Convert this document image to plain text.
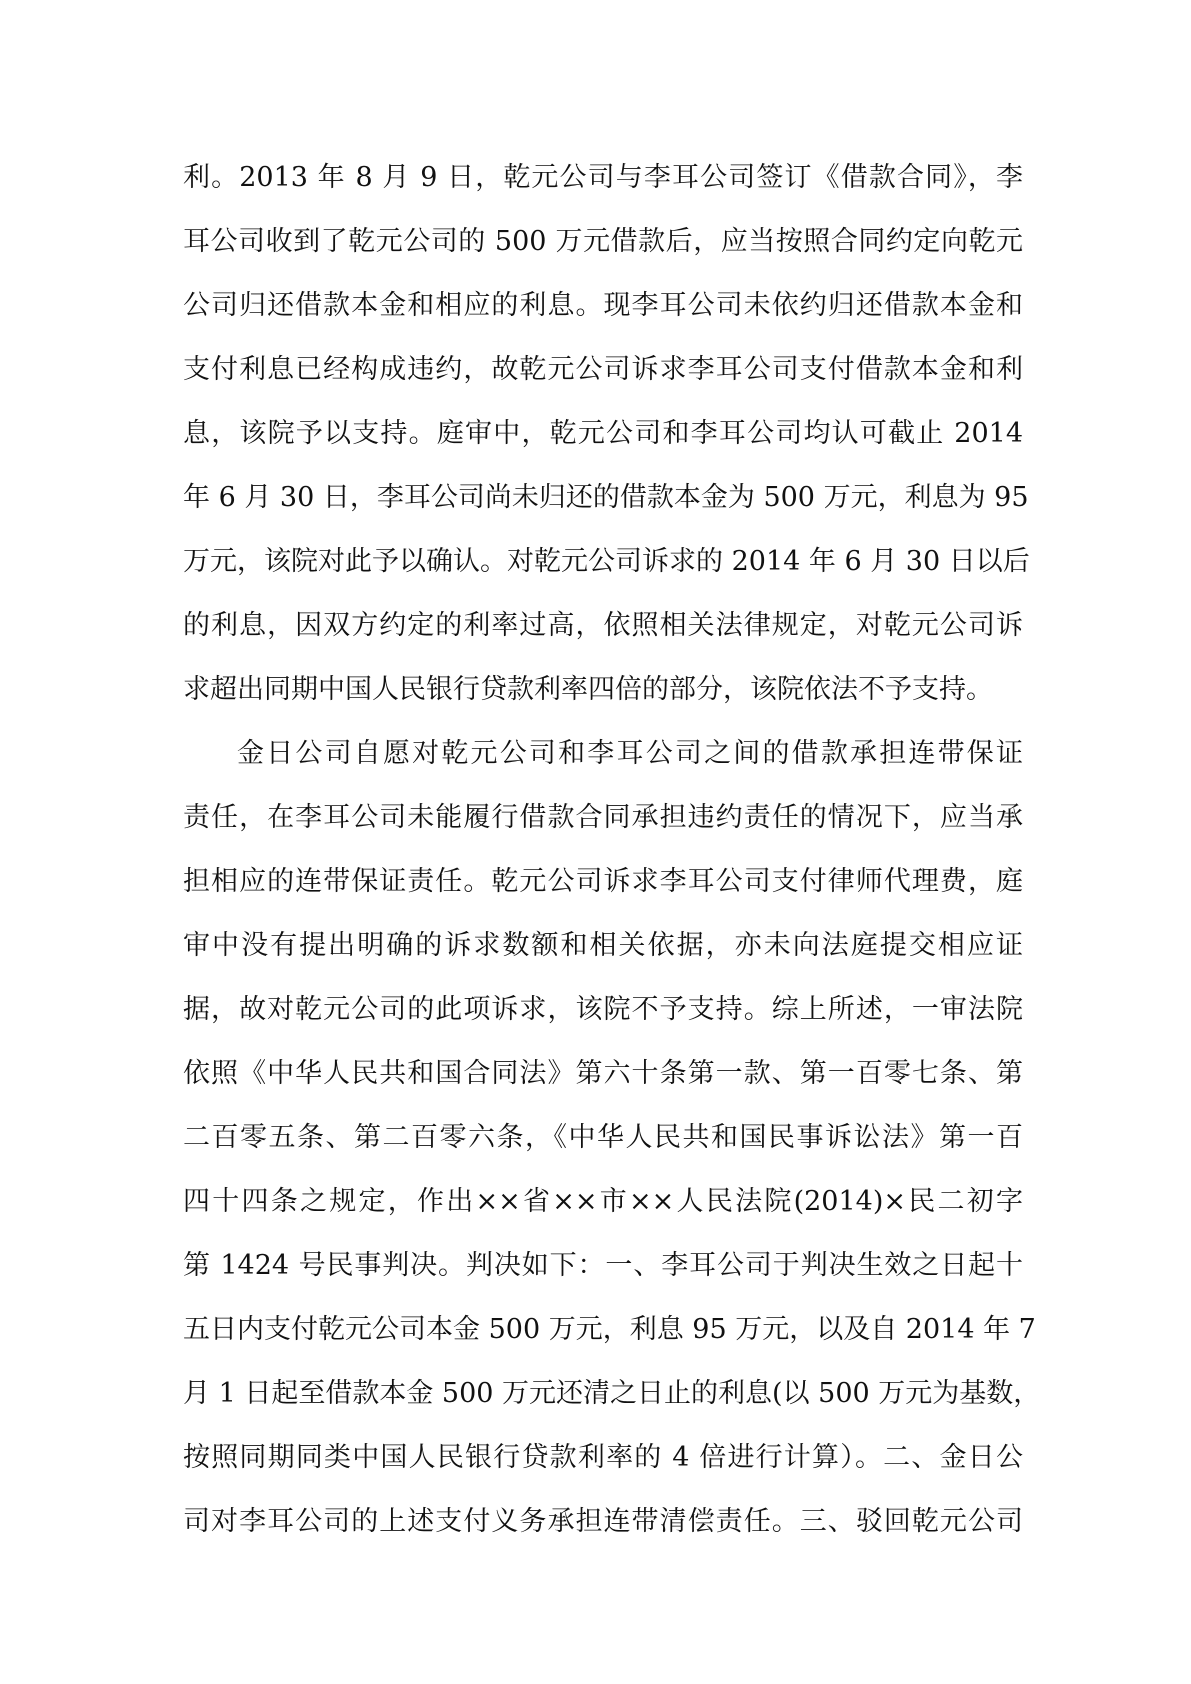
利。2013 年 8 月 9 日，乾元公司与李耳公司签订《借款合同》，李
耳公司收到了乾元公司的 500 万元借款后，应当按照合同约定向乾元
公司归还借款本金和相应的利息。现李耳公司未依约归还借款本金和
支付利息已经构成违约，故乾元公司诉求李耳公司支付借款本金和利
息，该院予以支持。庭审中，乾元公司和李耳公司均认可截止 2014
年 6 月 30 日，李耳公司尚未归还的借款本金为 500 万元，利息为 95
万元，该院对此予以确认。对乾元公司诉求的 2014 年 6 月 30 日以后
的利息，因双方约定的利率过高，依照相关法律规定，对乾元公司诉
求超出同期中国人民银行贷款利率四倍的部分，该院依法不予支持。
金日公司自愿对乾元公司和李耳公司之间的借款承担连带保证
责任，在李耳公司未能履行借款合同承担违约责任的情况下，应当承
担相应的连带保证责任。乾元公司诉求李耳公司支付律师代理费，庭
审中没有提出明确的诉求数额和相关依据，亦未向法庭提交相应证
据，故对乾元公司的此项诉求，该院不予支持。综上所述，一审法院
依照《中华人民共和国合同法》第六十条第一款、第一百零七条、第
二百零五条、第二百零六条，《中华人民共和国民事诉讼法》第一百
四十四条之规定，作出××省××市××人民法院(2014)×民二初字
第 1424 号民事判决。判决如下：一、李耳公司于判决生效之日起十
五日内支付乾元公司本金 500 万元，利息 95 万元，以及自 2014 年 7
月 1 日起至借款本金 500 万元还清之日止的利息(以 500 万元为基数，
按照同期同类中国人民银行贷款利率的 4 倍进行计算）。二、金日公
司对李耳公司的上述支付义务承担连带清偿责任。三、驳回乾元公司
